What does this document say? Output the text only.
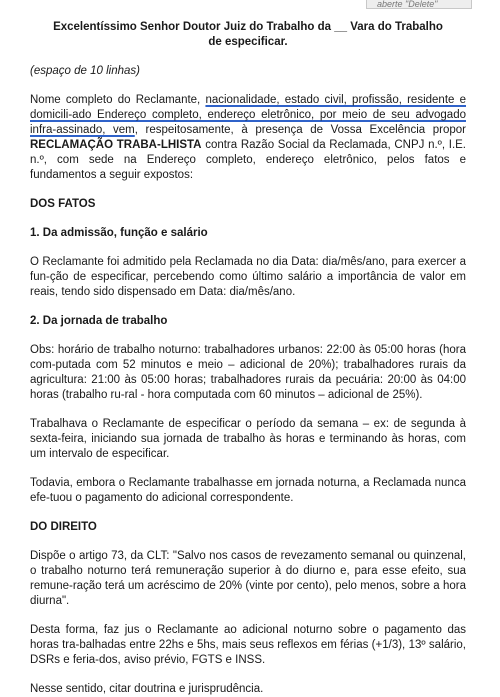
aberte "Delete"
Excelentíssimo Senhor Doutor Juiz do Trabalho da __ Vara do Trabalho
de especificar.

(espaço de 10 linhas)

Nome completo do Reclamante, nacionalidade, estado civil, profissão, residente e domicili-ado Endereço completo, endereço eletrônico, por meio de seu advogado infra-assinado, vem, respeitosamente, à presença de Vossa Excelência propor RECLAMAÇÃO TRABA-LHISTA contra Razão Social da Reclamada, CNPJ n.º, I.E. n.º, com sede na Endereço completo, endereço eletrônico, pelos fatos e fundamentos a seguir expostos:

DOS FATOS

1. Da admissão, função e salário

O Reclamante foi admitido pela Reclamada no dia Data: dia/mês/ano, para exercer a fun-ção de especificar, percebendo como último salário a importância de valor em reais, tendo sido dispensado em Data: dia/mês/ano.

2. Da jornada de trabalho

Obs: horário de trabalho noturno: trabalhadores urbanos: 22:00 às 05:00 horas (hora com-putada com 52 minutos e meio – adicional de 20%); trabalhadores rurais da agricultura: 21:00 às 05:00 horas; trabalhadores rurais da pecuária: 20:00 às 04:00 horas (trabalho ru-ral - hora computada com 60 minutos – adicional de 25%).

Trabalhava o Reclamante de especificar o período da semana – ex: de segunda à sexta-feira, iniciando sua jornada de trabalho às horas e terminando às horas, com um intervalo de especificar.

Todavia, embora o Reclamante trabalhasse em jornada noturna, a Reclamada nunca efe-tuou o pagamento do adicional correspondente.

DO DIREITO

Dispõe o artigo 73, da CLT: "Salvo nos casos de revezamento semanal ou quinzenal, o trabalho noturno terá remuneração superior à do diurno e, para esse efeito, sua remune-ração terá um acréscimo de 20% (vinte por cento), pelo menos, sobre a hora diurna".

Desta forma, faz jus o Reclamante ao adicional noturno sobre o pagamento das horas tra-balhadas entre 22hs e 5hs, mais seus reflexos em férias (+1/3), 13º salário, DSRs e feria-dos, aviso prévio, FGTS e INSS.

Nesse sentido, citar doutrina e jurisprudência.
